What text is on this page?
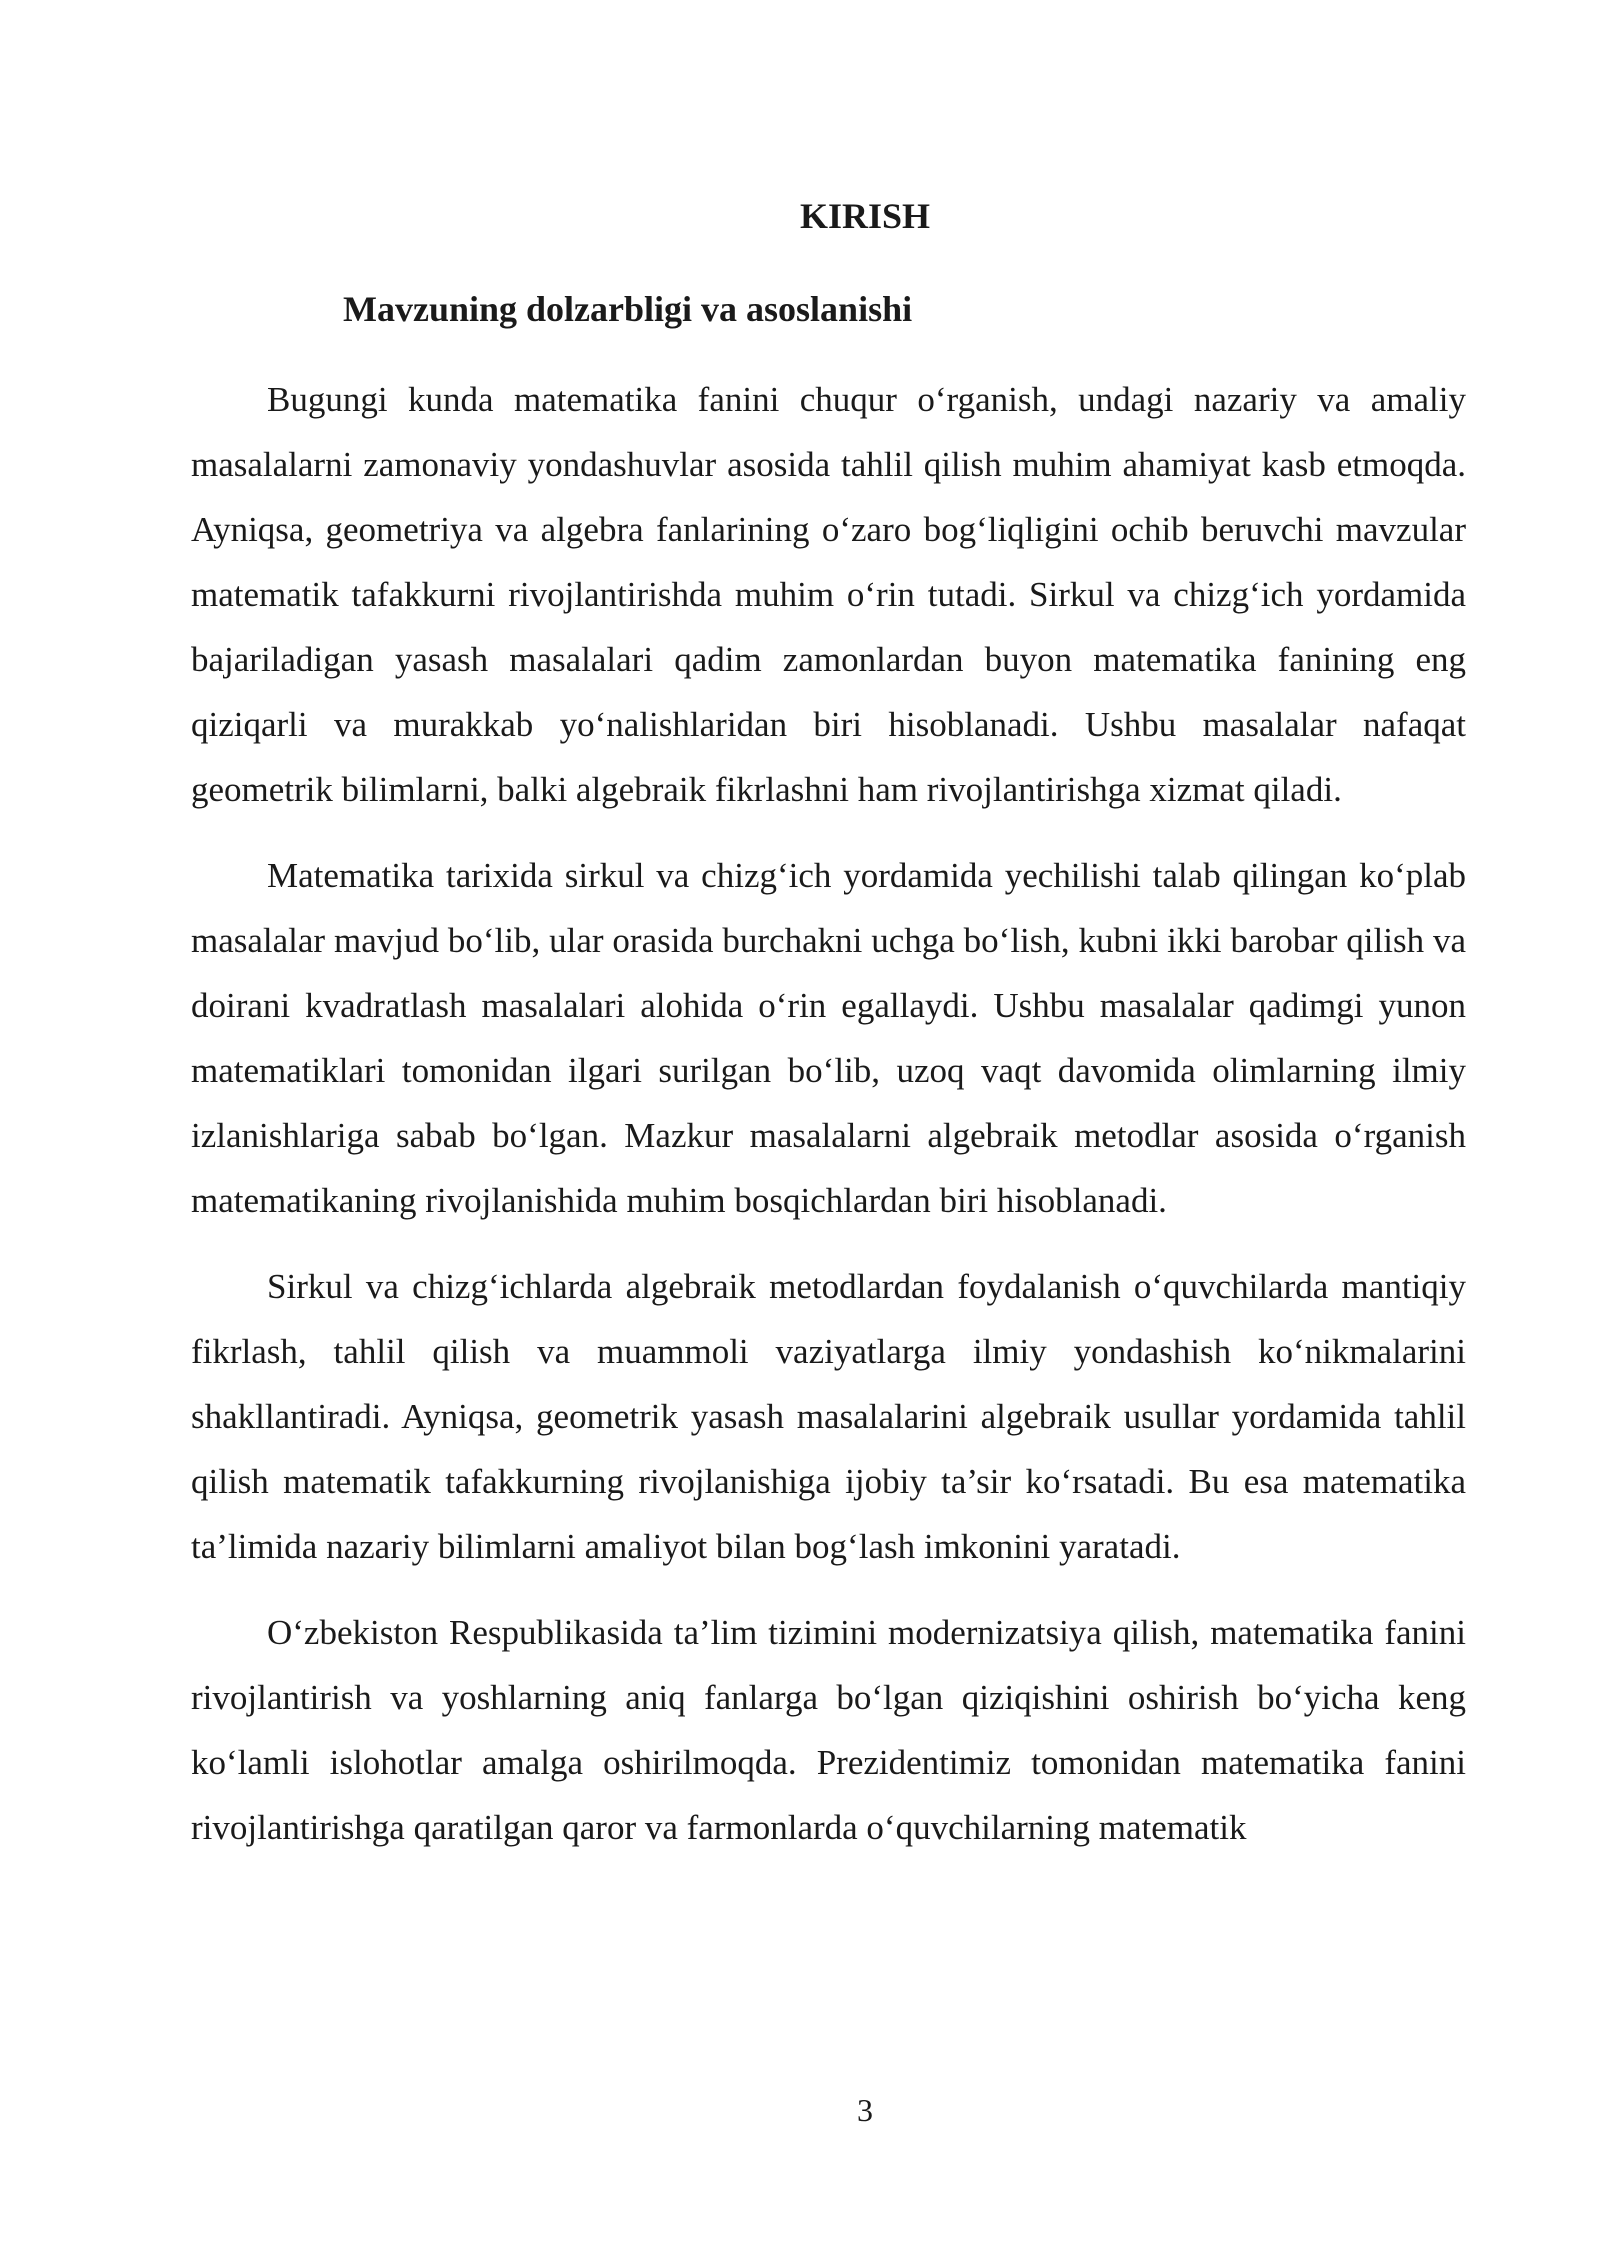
KIRISH
Mavzuning dolzarbligi va asoslanishi

Bugungi kunda matematika fanini chuqur o‘rganish, undagi nazariy va amaliy masalalarni zamonaviy yondashuvlar asosida tahlil qilish muhim ahamiyat kasb etmoqda. Ayniqsa, geometriya va algebra fanlarining o‘zaro bog‘liqligini ochib beruvchi mavzular matematik tafakkurni rivojlantirishda muhim o‘rin tutadi. Sirkul va chizg‘ich yordamida bajariladigan yasash masalalari qadim zamonlardan buyon matematika fanining eng qiziqarli va murakkab yo‘nalishlaridan biri hisoblanadi. Ushbu masalalar nafaqat geometrik bilimlarni, balki algebraik fikrlashni ham rivojlantirishga xizmat qiladi.

Matematika tarixida sirkul va chizg‘ich yordamida yechilishi talab qilingan ko‘plab masalalar mavjud bo‘lib, ular orasida burchakni uchga bo‘lish, kubni ikki barobar qilish va doirani kvadratlash masalalari alohida o‘rin egallaydi. Ushbu masalalar qadimgi yunon matematiklari tomonidan ilgari surilgan bo‘lib, uzoq vaqt davomida olimlarning ilmiy izlanishlariga sabab bo‘lgan. Mazkur masalalarni algebraik metodlar asosida o‘rganish matematikaning rivojlanishida muhim bosqichlardan biri hisoblanadi.

Sirkul va chizg‘ichlarda algebraik metodlardan foydalanish o‘quvchilarda mantiqiy fikrlash, tahlil qilish va muammoli vaziyatlarga ilmiy yondashish ko‘nikmalarini shakllantiradi. Ayniqsa, geometrik yasash masalalarini algebraik usullar yordamida tahlil qilish matematik tafakkurning rivojlanishiga ijobiy ta’sir ko‘rsatadi. Bu esa matematika ta’limida nazariy bilimlarni amaliyot bilan bog‘lash imkonini yaratadi.

O‘zbekiston Respublikasida ta’lim tizimini modernizatsiya qilish, matematika fanini rivojlantirish va yoshlarning aniq fanlarga bo‘lgan qiziqishini oshirish bo‘yicha keng ko‘lamli islohotlar amalga oshirilmoqda. Prezidentimiz tomonidan matematika fanini rivojlantirishga qaratilgan qaror va farmonlarda o‘quvchilarning matematik

3
